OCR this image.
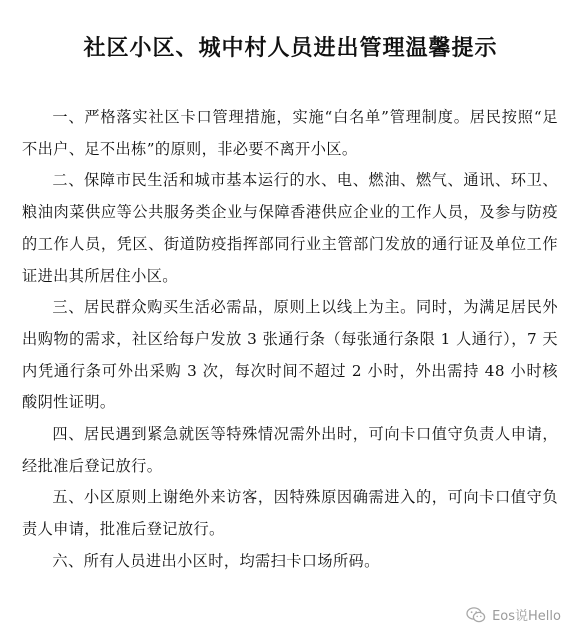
社区小区、城中村人员进出管理温馨提示

一、严格落实社区卡口管理措施，实施“白名单”管理制度。居民按照“足不出户、足不出栋”的原则，非必要不离开小区。

二、保障市民生活和城市基本运行的水、电、燃油、燃气、通讯、环卫、粮油肉菜供应等公共服务类企业与保障香港供应企业的工作人员，及参与防疫的工作人员，凭区、街道防疫指挥部同行业主管部门发放的通行证及单位工作证进出其所居住小区。

三、居民群众购买生活必需品，原则上以线上为主。同时，为满足居民外出购物的需求，社区给每户发放 3 张通行条（每张通行条限 1 人通行），7 天内凭通行条可外出采购 3 次，每次时间不超过 2 小时，外出需持 48 小时核酸阴性证明。

四、居民遇到紧急就医等特殊情况需外出时，可向卡口值守负责人申请，经批准后登记放行。

五、小区原则上谢绝外来访客，因特殊原因确需进入的，可向卡口值守负责人申请，批准后登记放行。

六、所有人员进出小区时，均需扫卡口场所码。

Eos说Hello
